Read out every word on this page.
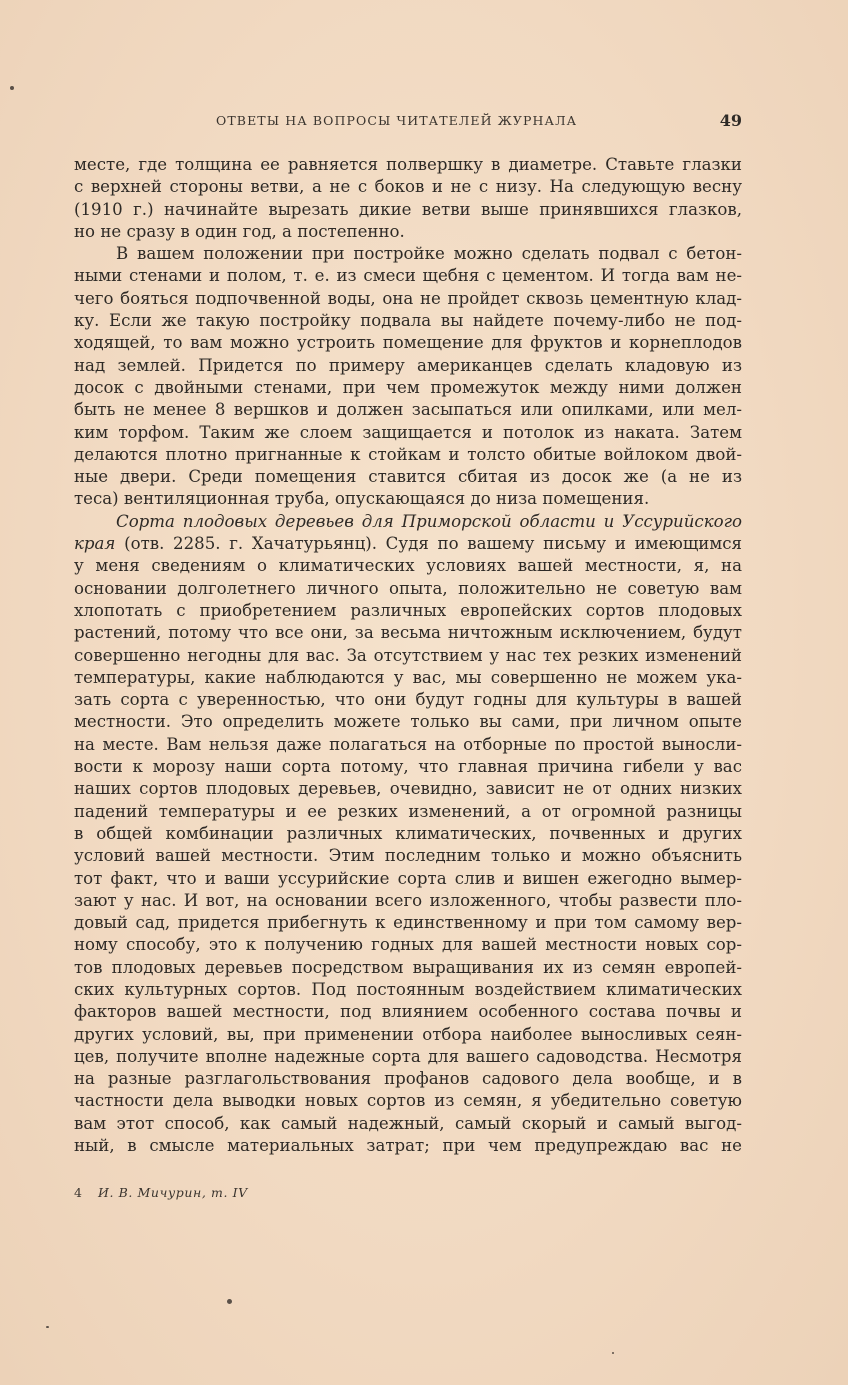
ОТВЕТЫ НА ВОПРОСЫ ЧИТАТЕЛЕЙ ЖУРНАЛА	49
месте, где толщина ее равняется полвершку в диаметре. Ставьте глазки
с верхней стороны ветви, а не с боков и не с низу. На следующую весну
(1910 г.) начинайте вырезать дикие ветви выше принявшихся глазков,
но не сразу в один год, а постепенно.
В вашем положении при постройке можно сделать подвал с бетон-
ными стенами и полом, т. е. из смеси щебня с цементом. И тогда вам не-
чего бояться подпочвенной воды, она не пройдет сквозь цементную клад-
ку. Если же такую постройку подвала вы найдете почему-либо не под-
ходящей, то вам можно устроить помещение для фруктов и корнеплодов
над землей. Придется по примеру американцев сделать кладовую из
досок с двойными стенами, при чем промежуток между ними должен
быть не менее 8 вершков и должен засыпаться или опилками, или мел-
ким торфом. Таким же слоем защищается и потолок из наката. Затем
делаются плотно пригнанные к стойкам и толсто обитые войлоком двой-
ные двери. Среди помещения ставится сбитая из досок же (а не из
теса) вентиляционная труба, опускающаяся до низа помещения.
Сорта плодовых деревьев для Приморской области и Уссурийского
края (отв. 2285. г. Хачатурьянц). Судя по вашему письму и имеющимся
у меня сведениям о климатических условиях вашей местности, я, на
основании долголетнего личного опыта, положительно не советую вам
хлопотать с приобретением различных европейских сортов плодовых
растений, потому что все они, за весьма ничтожным исключением, будут
совершенно негодны для вас. За отсутствием у нас тех резких изменений
температуры, какие наблюдаются у вас, мы совершенно не можем ука-
зать сорта с уверенностью, что они будут годны для культуры в вашей
местности. Это определить можете только вы сами, при личном опыте
на месте. Вам нельзя даже полагаться на отборные по простой выносли-
вости к морозу наши сорта потому, что главная причина гибели у вас
наших сортов плодовых деревьев, очевидно, зависит не от одних низких
падений температуры и ее резких изменений, а от огромной разницы
в общей комбинации различных климатических, почвенных и других
условий вашей местности. Этим последним только и можно объяснить
тот факт, что и ваши уссурийские сорта слив и вишен ежегодно вымер-
зают у нас. И вот, на основании всего изложенного, чтобы развести пло-
довый сад, придется прибегнуть к единственному и при том самому вер-
ному способу, это к получению годных для вашей местности новых сор-
тов плодовых деревьев посредством выращивания их из семян европей-
ских культурных сортов. Под постоянным воздействием климатических
факторов вашей местности, под влиянием особенного состава почвы и
других условий, вы, при применении отбора наиболее выносливых сеян-
цев, получите вполне надежные сорта для вашего садоводства. Несмотря
на разные разглагольствования профанов садового дела вообще, и в
частности дела выводки новых сортов из семян, я убедительно советую
вам этот способ, как самый надежный, самый скорый и самый выгод-
ный, в смысле материальных затрат; при чем предупреждаю вас не
4 И. В. Мичурин, т. IV
